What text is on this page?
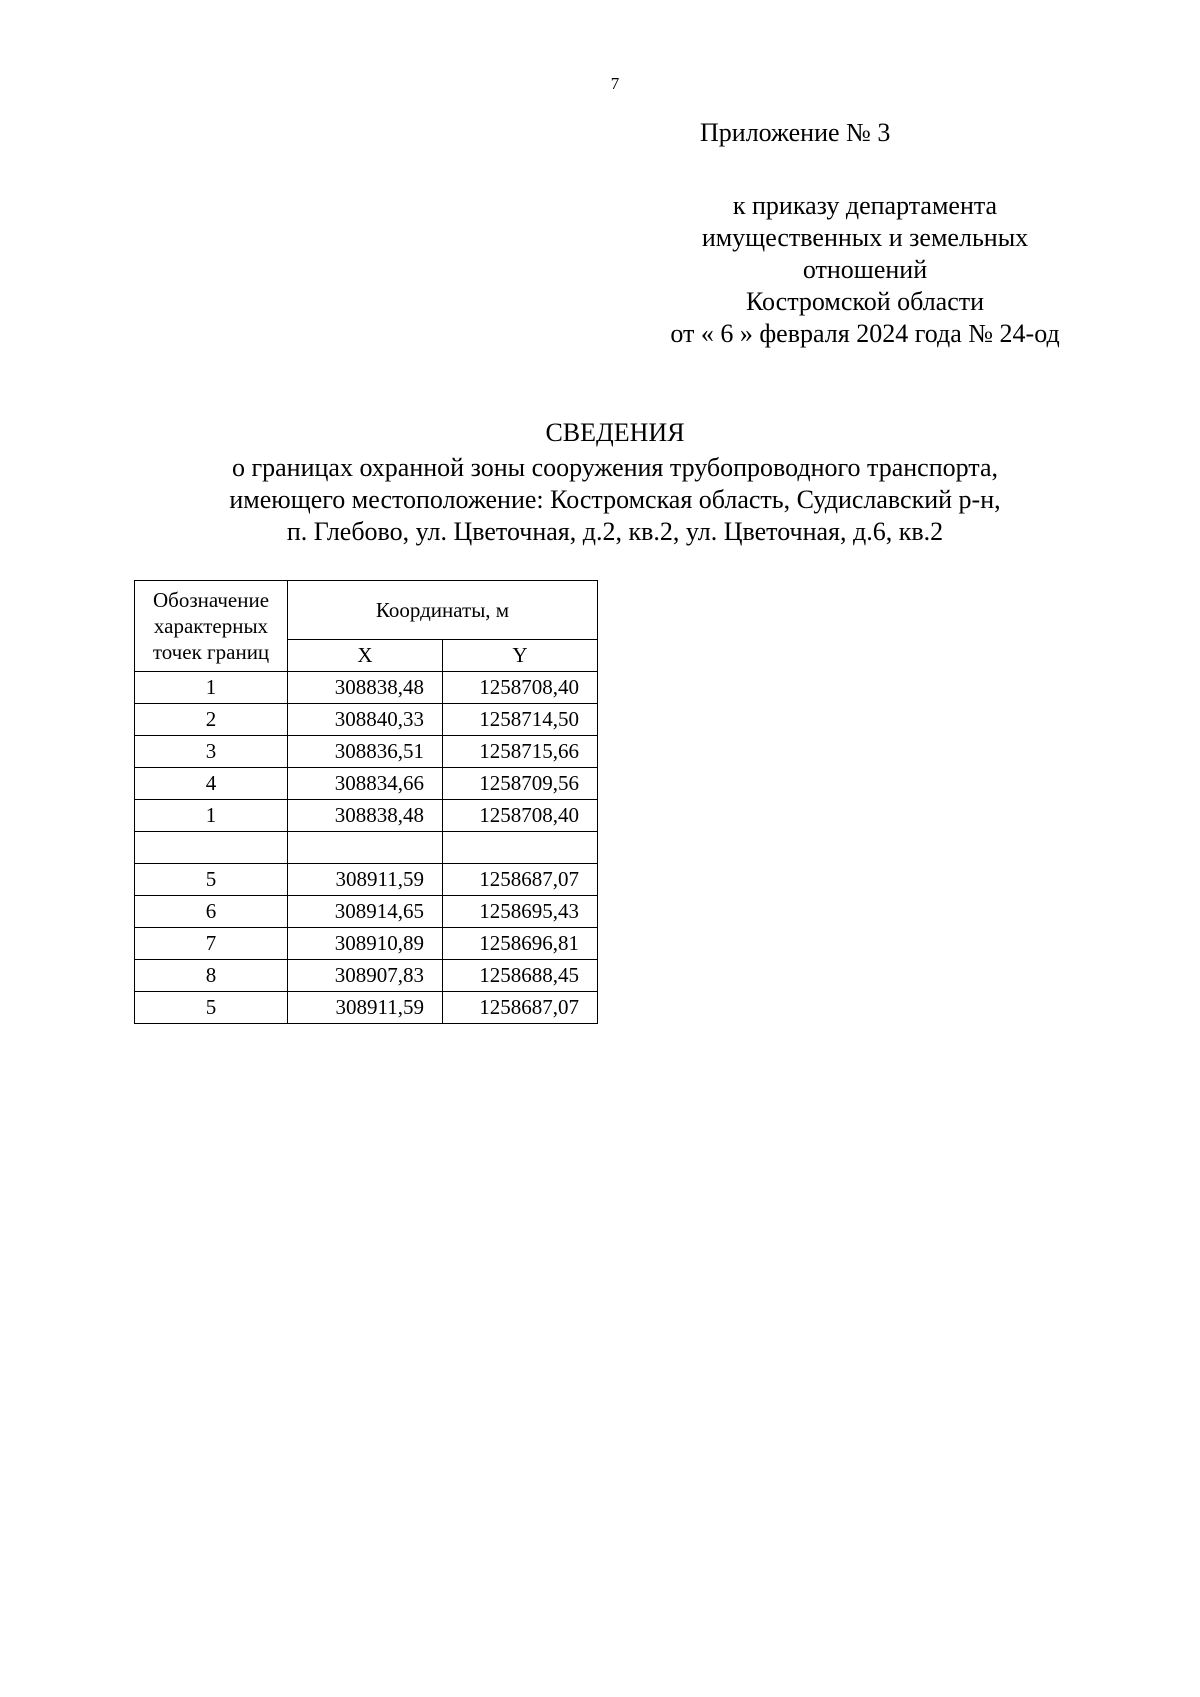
7
Приложение № 3
к приказу департамента
имущественных и земельных
отношений
Костромской области
от « 6 » февраля 2024 года № 24-од
СВЕДЕНИЯ
о границах охранной зоны сооружения трубопроводного транспорта,
имеющего местоположение: Костромская область, Судиславский р-н,
п. Глебово, ул. Цветочная, д.2, кв.2, ул. Цветочная, д.6, кв.2
Обозначение
характерных
точек границ	Координаты, м	
	X	Y
1	308838,48	1258708,40
2	308840,33	1258714,50
3	308836,51	1258715,66
4	308834,66	1258709,56
1	308838,48	1258708,40

5	308911,59	1258687,07
6	308914,65	1258695,43
7	308910,89	1258696,81
8	308907,83	1258688,45
5	308911,59	1258687,07
